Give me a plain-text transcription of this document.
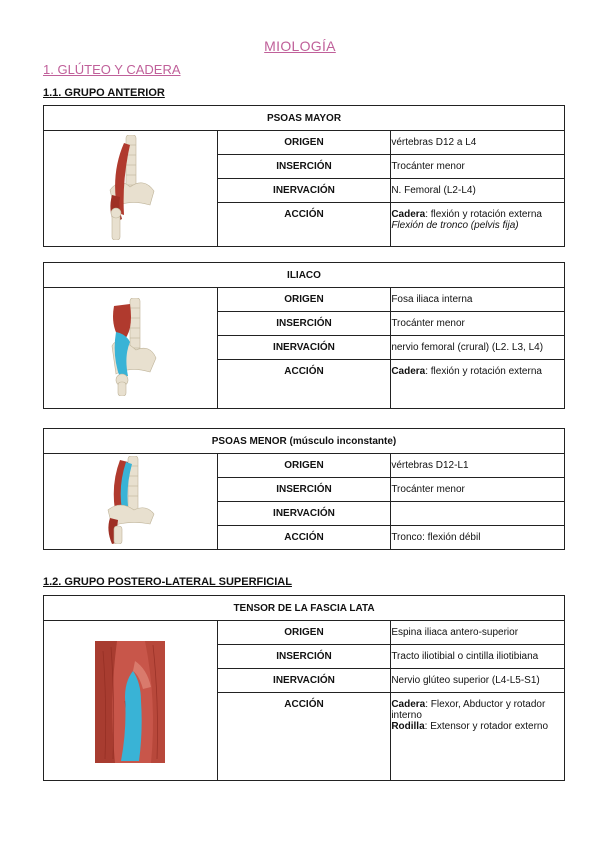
MIOLOGÍA
1. GLÚTEO Y CADERA
1.1. GRUPO ANTERIOR
PSOAS MAYOR		
	ORIGEN	vértebras D12 a L4
	INSERCIÓN	Trocánter menor
	INERVACIÓN	N. Femoral (L2-L4)
	ACCIÓN	Cadera: flexión y rotación externa
Flexión de tronco (pelvis fija)
ILIACO		
	ORIGEN	Fosa iliaca interna
	INSERCIÓN	Trocánter menor
	INERVACIÓN	nervio femoral (crural) (L2. L3, L4)
	ACCIÓN	Cadera: flexión y rotación externa
PSOAS MENOR (músculo inconstante)		
	ORIGEN	vértebras D12-L1
	INSERCIÓN	Trocánter menor
	INERVACIÓN	
	ACCIÓN	Tronco: flexión débil
1.2. GRUPO POSTERO-LATERAL SUPERFICIAL
TENSOR DE LA FASCIA LATA		
	ORIGEN	Espina iliaca antero-superior
	INSERCIÓN	Tracto iliotibial o cintilla iliotibiana
	INERVACIÓN	Nervio glúteo superior (L4-L5-S1)
	ACCIÓN	Cadera: Flexor, Abductor y rotador interno
Rodilla: Extensor y rotador externo
